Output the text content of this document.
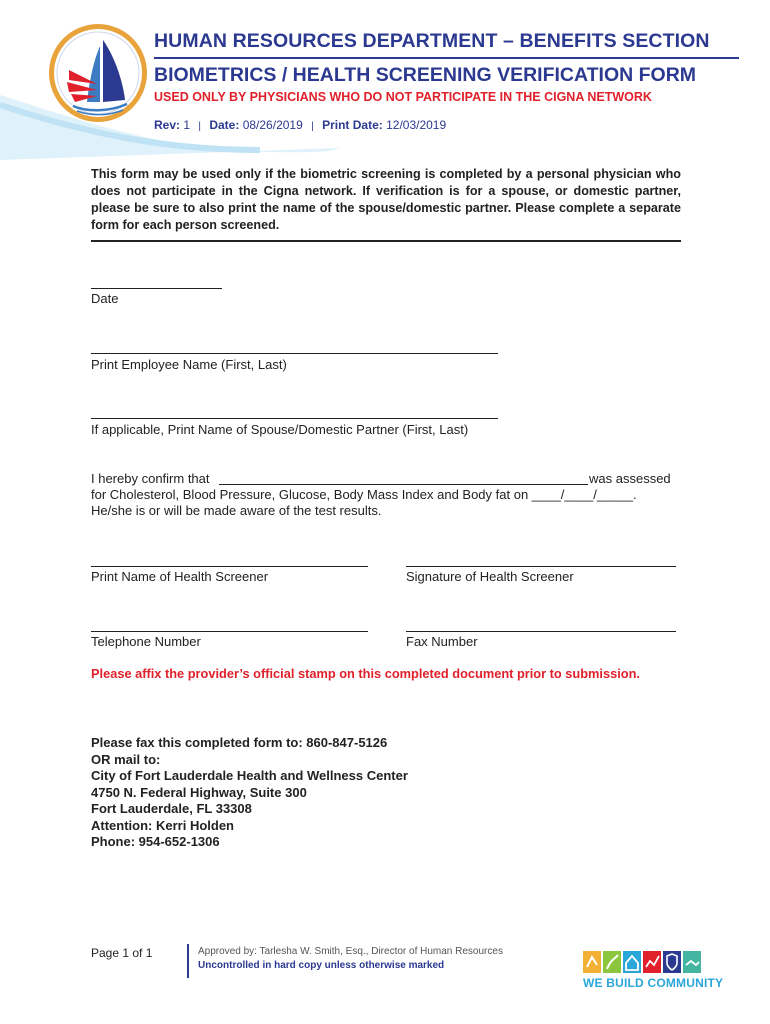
HUMAN RESOURCES DEPARTMENT – BENEFITS SECTION
BIOMETRICS / HEALTH SCREENING VERIFICATION FORM
USED ONLY BY PHYSICIANS WHO DO NOT PARTICIPATE IN THE CIGNA NETWORK
Rev: 1 | Date: 08/26/2019 | Print Date: 12/03/2019
This form may be used only if the biometric screening is completed by a personal physician who does not participate in the Cigna network. If verification is for a spouse, or domestic partner, please be sure to also print the name of the spouse/domestic partner. Please complete a separate form for each person screened.
Date
Print Employee Name (First, Last)
If applicable, Print Name of Spouse/Domestic Partner (First, Last)
I hereby confirm that	was assessed
for Cholesterol, Blood Pressure, Glucose, Body Mass Index and Body fat on ____/____/_____.
He/she is or will be made aware of the test results.
Print Name of Health Screener	Signature of Health Screener
Telephone Number	Fax Number
Please affix the provider’s official stamp on this completed document prior to submission.
Please fax this completed form to: 860-847-5126
OR mail to:
City of Fort Lauderdale Health and Wellness Center
4750 N. Federal Highway, Suite 300
Fort Lauderdale, FL 33308
Attention: Kerri Holden
Phone: 954-652-1306
Page 1 of 1	Approved by: Tarlesha W. Smith, Esq., Director of Human Resources
Uncontrolled in hard copy unless otherwise marked
WE BUILD COMMUNITY
